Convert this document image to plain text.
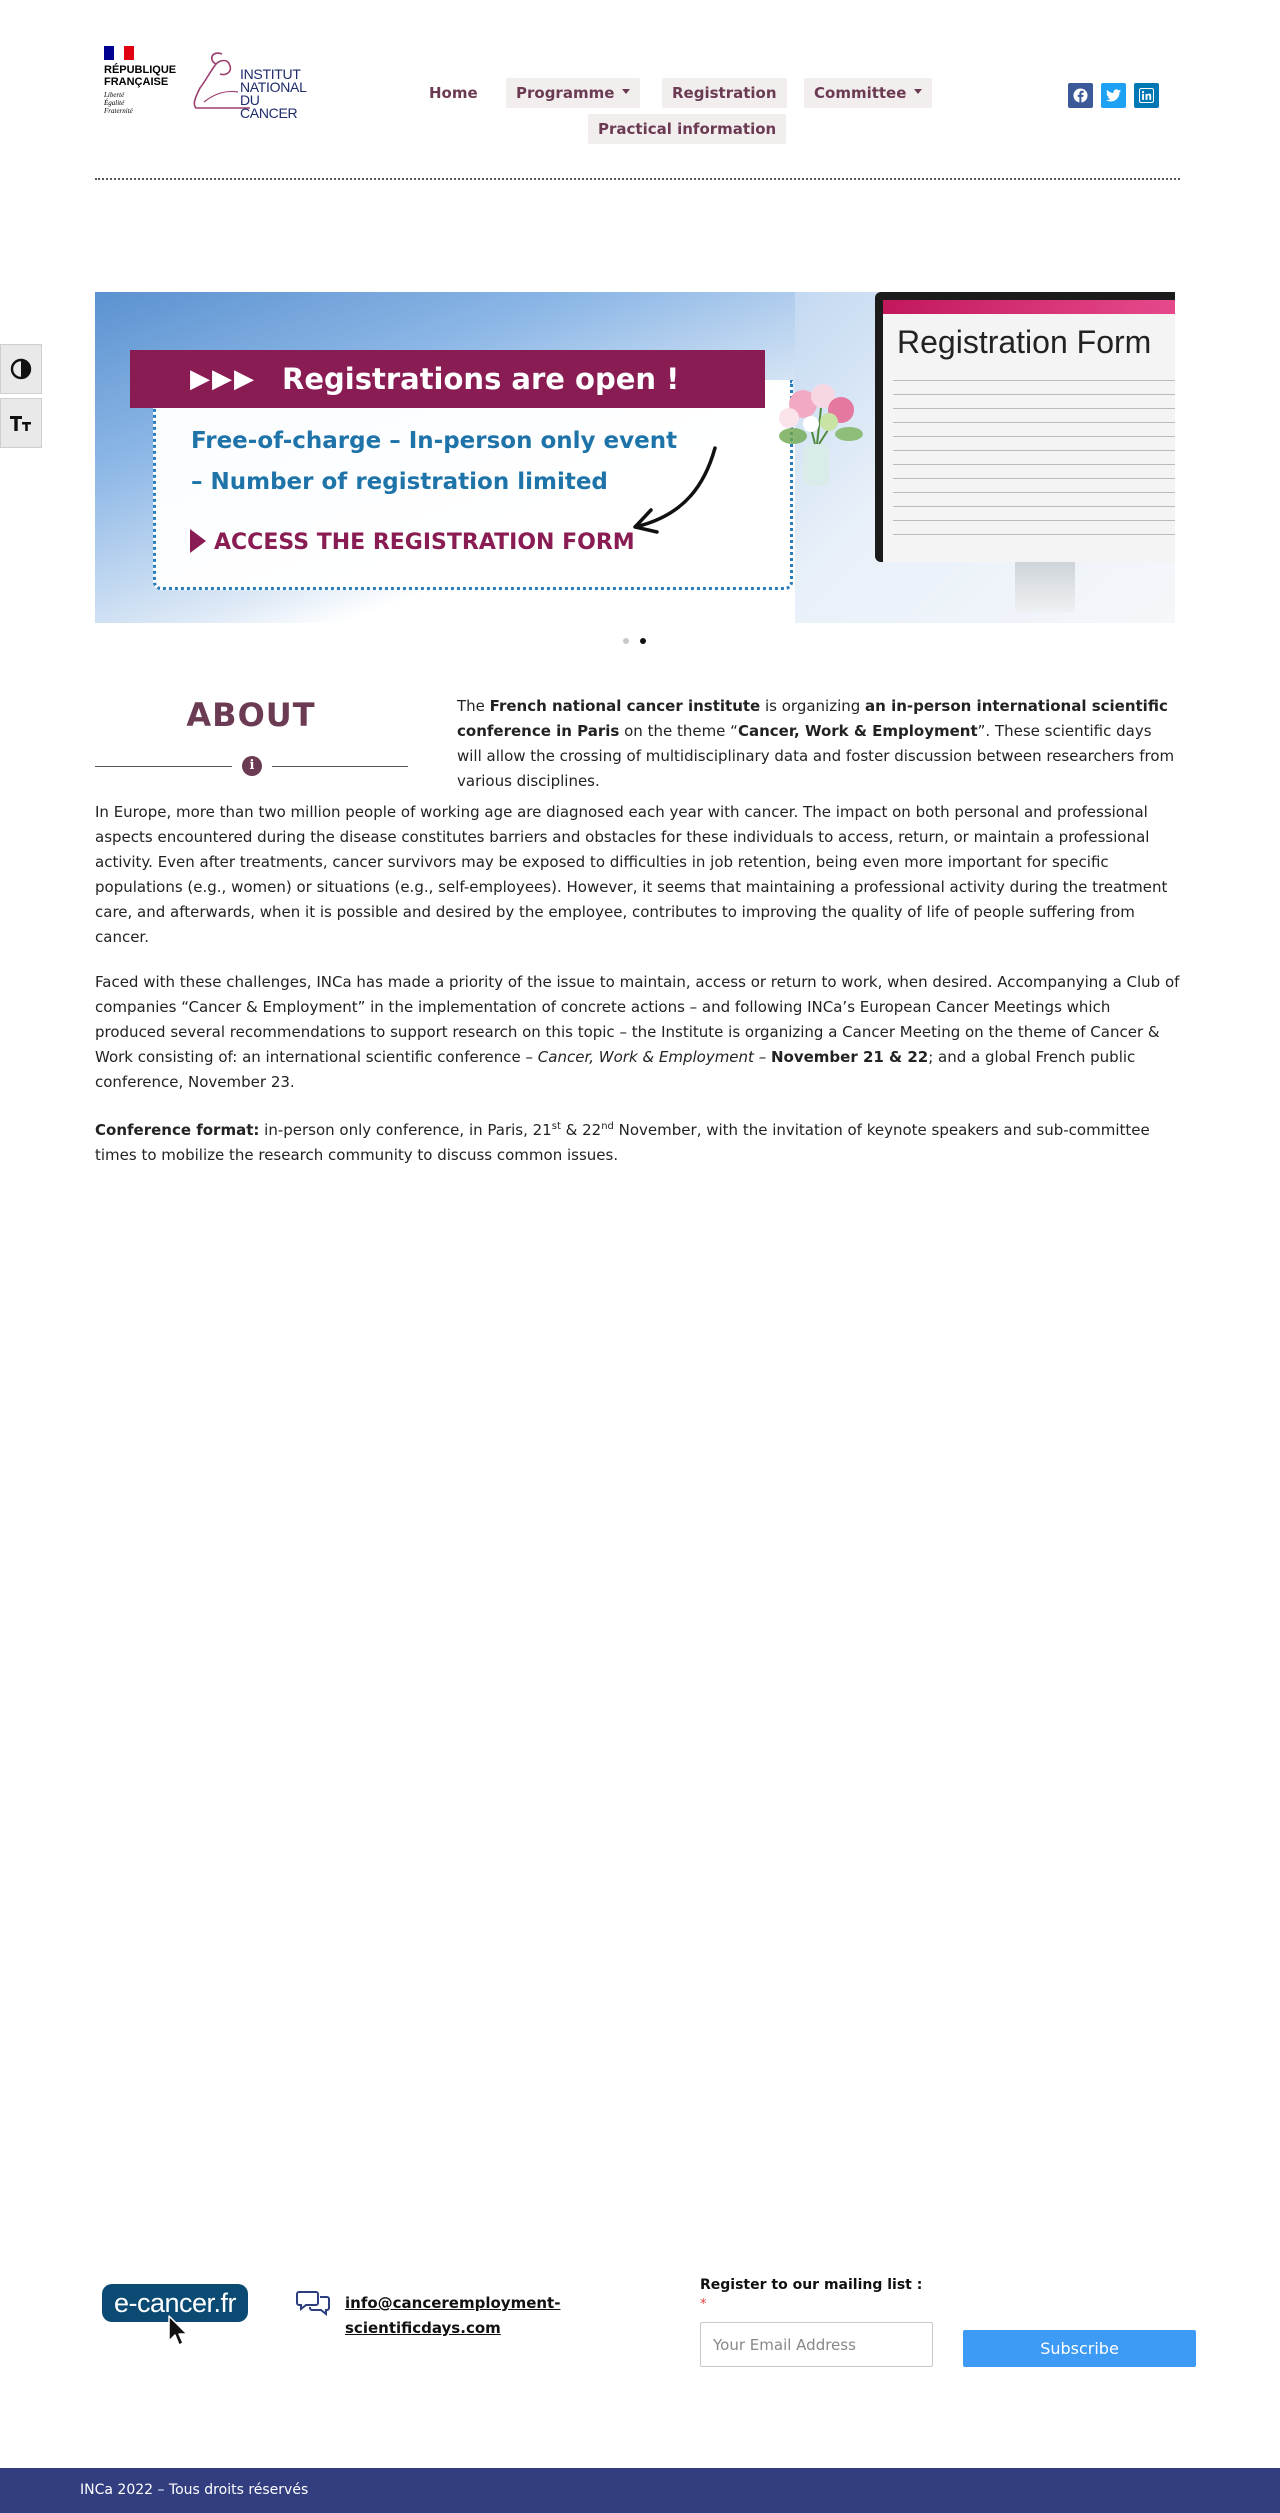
RÉPUBLIQUE
FRANÇAISE
Liberté
Égalité
Fraternité
INSTITUT
NATIONAL
DU CANCER
Home	Programme	Registration	Committee
Practical information
▶▶▶ Registrations are open !
Free-of-charge – In-person only event
– Number of registration limited
ACCESS THE REGISTRATION FORM
Registration Form
ABOUT
i
The French national cancer institute is organizing an in-person international scientific conference in Paris on the theme “Cancer, Work & Employment”. These scientific days will allow the crossing of multidisciplinary data and foster discussion between researchers from various disciplines.
In Europe, more than two million people of working age are diagnosed each year with cancer. The impact on both personal and professional aspects encountered during the disease constitutes barriers and obstacles for these individuals to access, return, or maintain a professional activity. Even after treatments, cancer survivors may be exposed to difficulties in job retention, being even more important for specific populations (e.g., women) or situations (e.g., self-employees). However, it seems that maintaining a professional activity during the treatment care, and afterwards, when it is possible and desired by the employee, contributes to improving the quality of life of people suffering from cancer.
Faced with these challenges, INCa has made a priority of the issue to maintain, access or return to work, when desired. Accompanying a Club of companies “Cancer & Employment” in the implementation of concrete actions – and following INCa’s European Cancer Meetings which produced several recommendations to support research on this topic – the Institute is organizing a Cancer Meeting on the theme of Cancer & Work consisting of: an international scientific conference – Cancer, Work & Employment – November 21 & 22; and a global French public conference, November 23.
Conference format: in-person only conference, in Paris, 21st & 22nd November, with the invitation of keynote speakers and sub-committee times to mobilize the research community to discuss common issues.
e-cancer.fr	info@canceremployment-scientificdays.com
Register to our mailing list :
*
Your Email Address
Subscribe
INCa 2022 – Tous droits réservés
